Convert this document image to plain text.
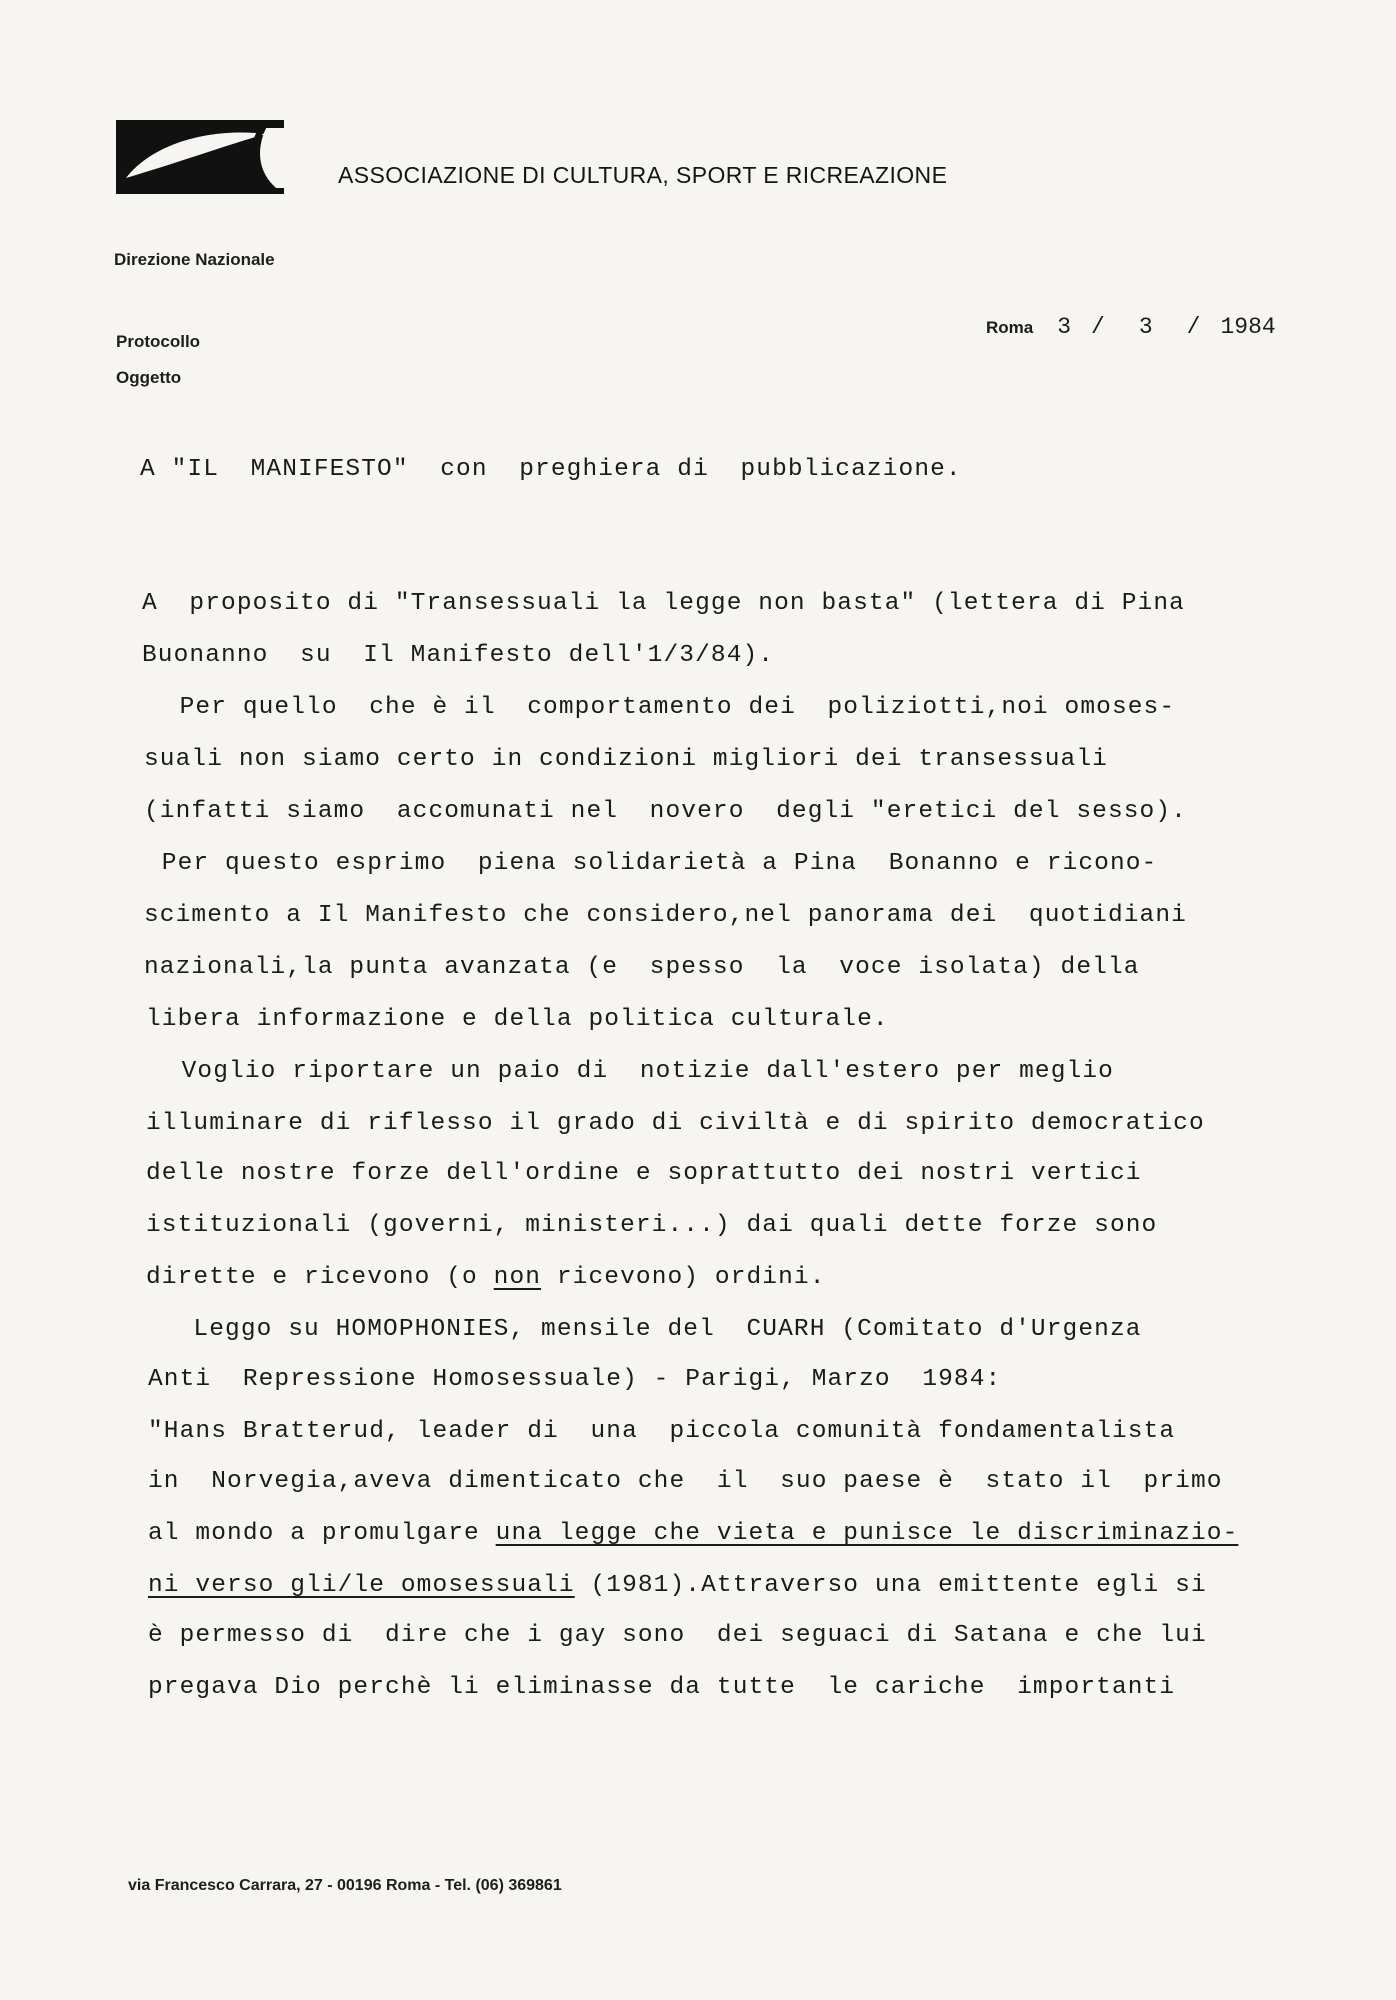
ASSOCIAZIONE DI CULTURA, SPORT E RICREAZIONE
Direzione Nazionale
Protocollo
Oggetto
Roma 3 / 3 / 1984
A "IL  MANIFESTO"  con  preghiera di  pubblicazione.
A  proposito di "Transessuali la legge non basta" (lettera di Pina
Buonanno  su  Il Manifesto dell'1/3/84).
Per quello  che è il  comportamento dei  poliziotti,noi omoses-
suali non siamo certo in condizioni migliori dei transessuali
(infatti siamo  accomunati nel  novero  degli "eretici del sesso).
Per questo esprimo  piena solidarietà a Pina  Bonanno e ricono-
scimento a Il Manifesto che considero,nel panorama dei  quotidiani
nazionali,la punta avanzata (e  spesso  la  voce isolata) della
libera informazione e della politica culturale.
Voglio riportare un paio di  notizie dall'estero per meglio
illuminare di riflesso il grado di civiltà e di spirito democratico
delle nostre forze dell'ordine e soprattutto dei nostri vertici
istituzionali (governi, ministeri...) dai quali dette forze sono
dirette e ricevono (o non ricevono) ordini.
Leggo su HOMOPHONIES, mensile del  CUARH (Comitato d'Urgenza
Anti  Repressione Homosessuale) - Parigi, Marzo  1984:
"Hans Bratterud, leader di  una  piccola comunità fondamentalista
in  Norvegia,aveva dimenticato che  il  suo paese è  stato il  primo
al mondo a promulgare una legge che vieta e punisce le discriminazio-
ni verso gli/le omosessuali (1981).Attraverso una emittente egli si
è permesso di  dire che i gay sono  dei seguaci di Satana e che lui
pregava Dio perchè li eliminasse da tutte  le cariche  importanti
via Francesco Carrara, 27 - 00196 Roma - Tel. (06) 369861
